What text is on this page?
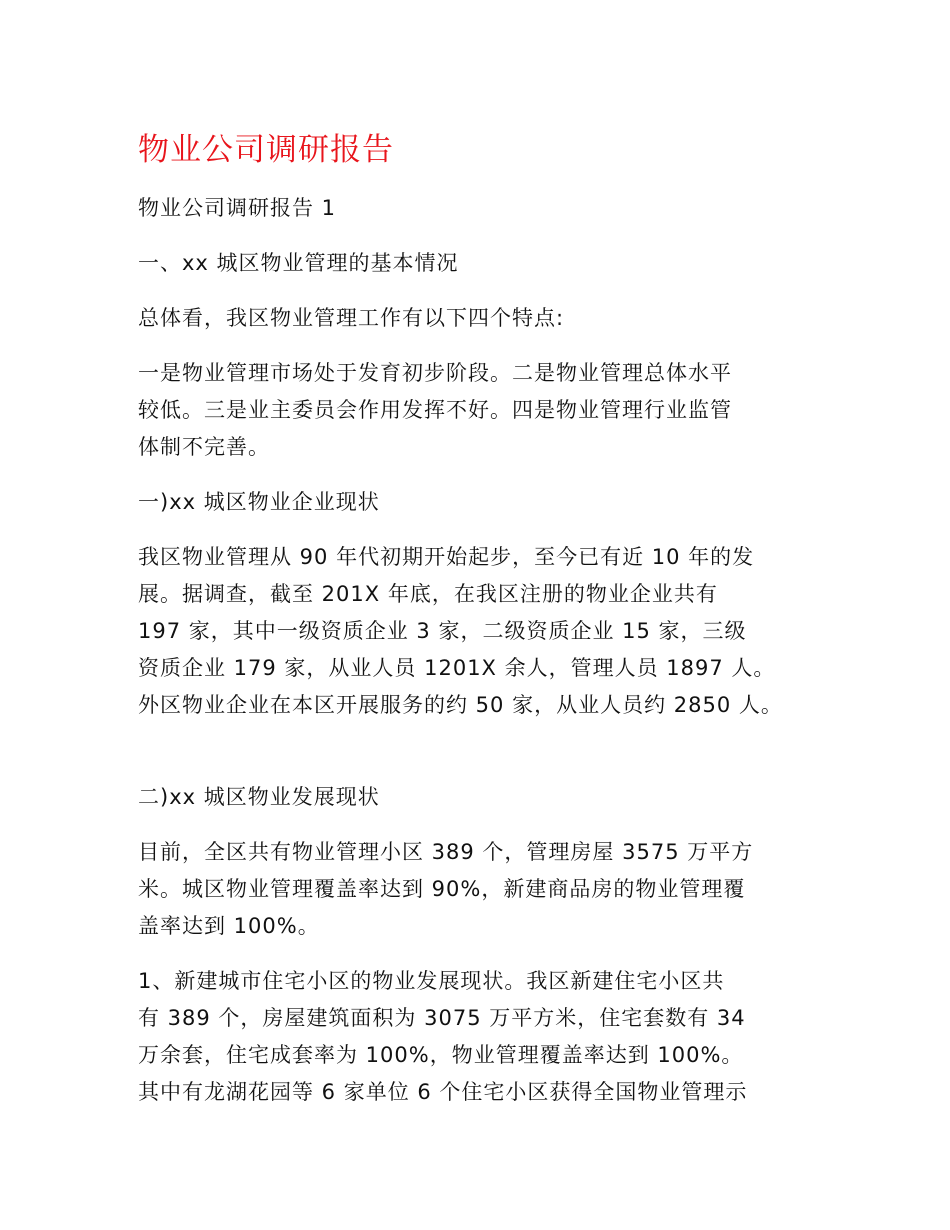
物业公司调研报告

物业公司调研报告 1

一、xx 城区物业管理的基本情况

总体看，我区物业管理工作有以下四个特点:

一是物业管理市场处于发育初步阶段。二是物业管理总体水平

较低。三是业主委员会作用发挥不好。四是物业管理行业监管

体制不完善。

一)xx 城区物业企业现状

我区物业管理从 90 年代初期开始起步，至今已有近 10 年的发

展。据调查，截至 201X 年底，在我区注册的物业企业共有

197 家，其中一级资质企业 3 家，二级资质企业 15 家，三级

资质企业 179 家，从业人员 1201X 余人，管理人员 1897 人。

外区物业企业在本区开展服务的约 50 家，从业人员约 2850 人。

二)xx 城区物业发展现状

目前，全区共有物业管理小区 389 个，管理房屋 3575 万平方

米。城区物业管理覆盖率达到 90%，新建商品房的物业管理覆

盖率达到 100%。

1、新建城市住宅小区的物业发展现状。我区新建住宅小区共

有 389 个，房屋建筑面积为 3075 万平方米，住宅套数有 34

万余套，住宅成套率为 100%，物业管理覆盖率达到 100%。

其中有龙湖花园等 6 家单位 6 个住宅小区获得全国物业管理示
